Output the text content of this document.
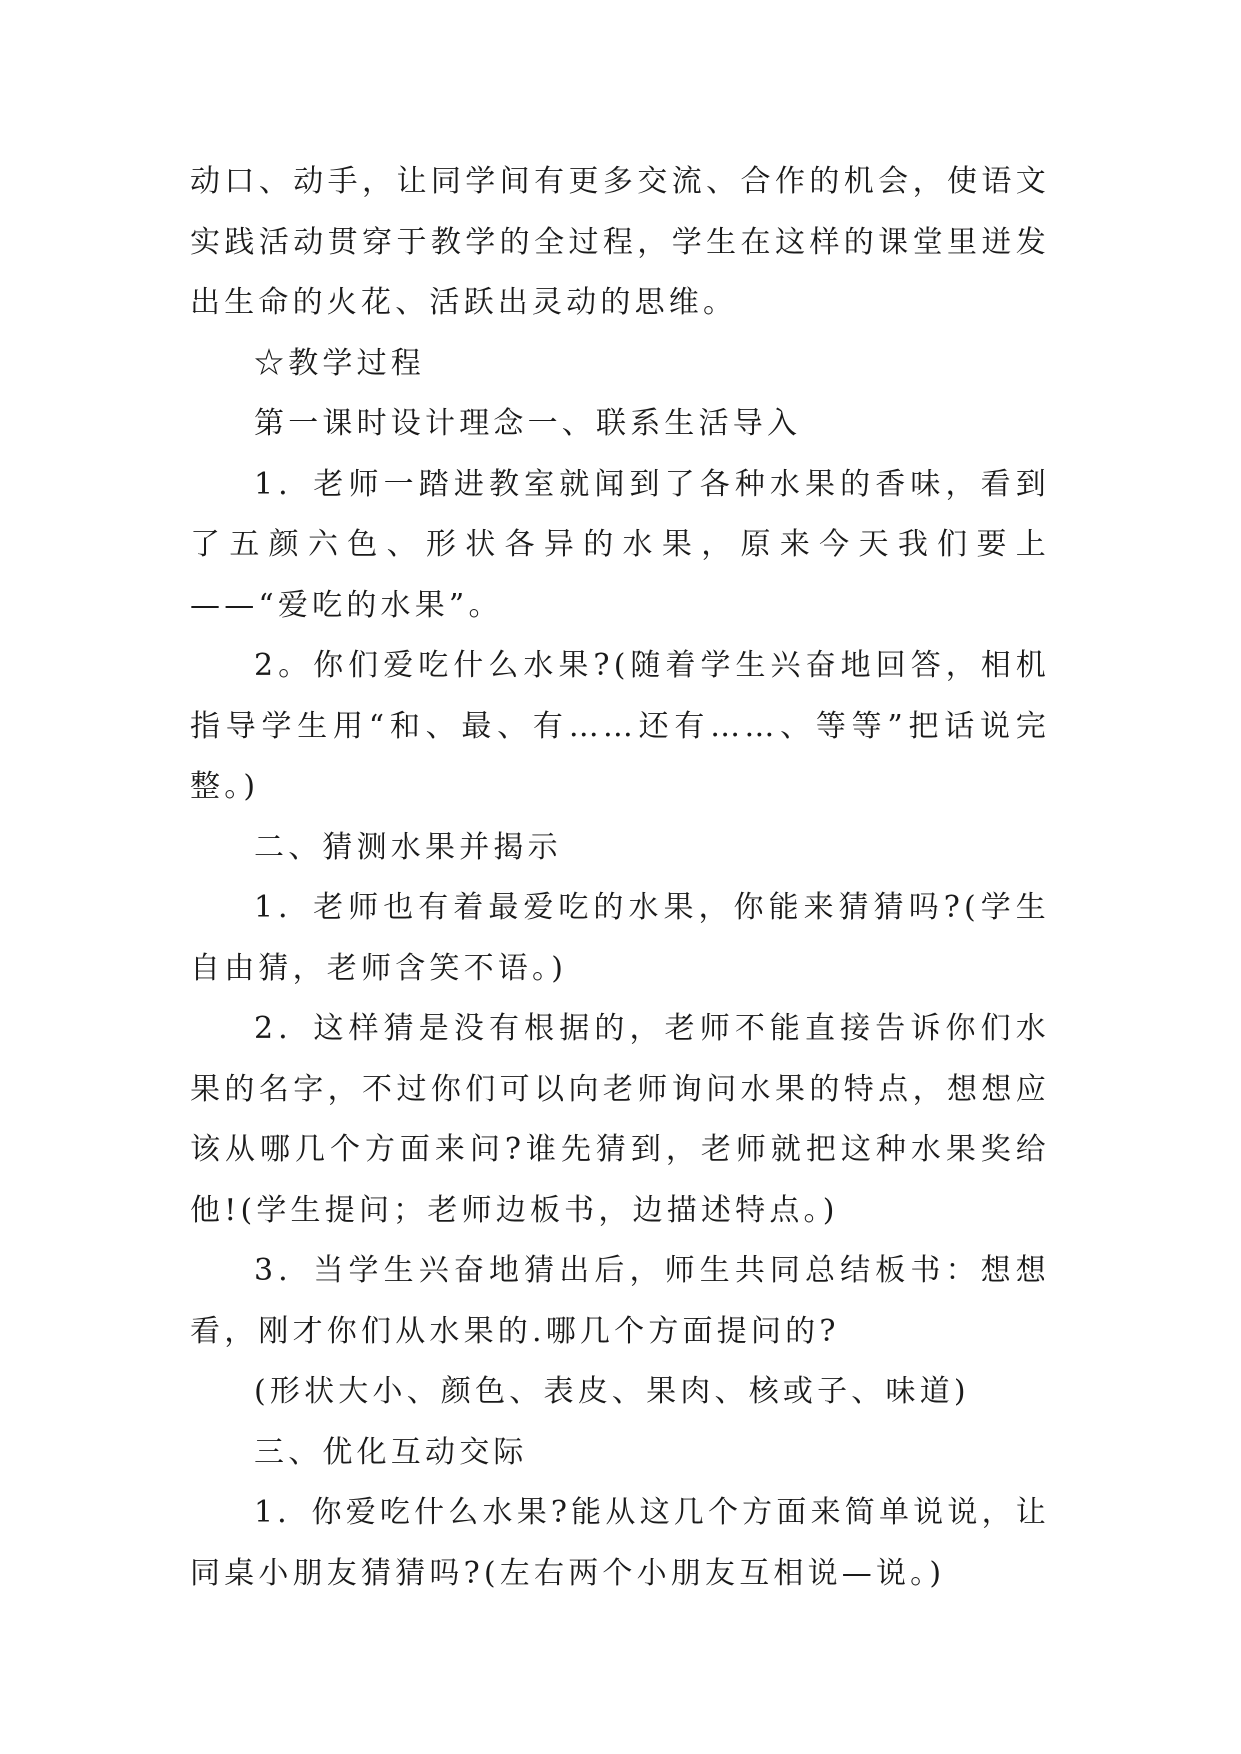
动口、动手，让同学间有更多交流、合作的机会，使语文实践活动贯穿于教学的全过程，学生在这样的课堂里迸发出生命的火花、活跃出灵动的思维。

☆教学过程

第一课时设计理念一、联系生活导入

1．老师一踏进教室就闻到了各种水果的香味，看到了五颜六色、形状各异的水果，原来今天我们要上——“爱吃的水果”。

2。你们爱吃什么水果?(随着学生兴奋地回答，相机指导学生用“和、最、有……还有……、等等”把话说完整。)

二、猜测水果并揭示

1．老师也有着最爱吃的水果，你能来猜猜吗?(学生自由猜，老师含笑不语。)

2．这样猜是没有根据的，老师不能直接告诉你们水果的名字，不过你们可以向老师询问水果的特点，想想应该从哪几个方面来问?谁先猜到，老师就把这种水果奖给他!(学生提问；老师边板书，边描述特点。)

3．当学生兴奋地猜出后，师生共同总结板书：想想看，刚才你们从水果的.哪几个方面提问的?

(形状大小、颜色、表皮、果肉、核或子、味道)

三、优化互动交际

1．你爱吃什么水果?能从这几个方面来简单说说，让同桌小朋友猜猜吗?(左右两个小朋友互相说—说。)
